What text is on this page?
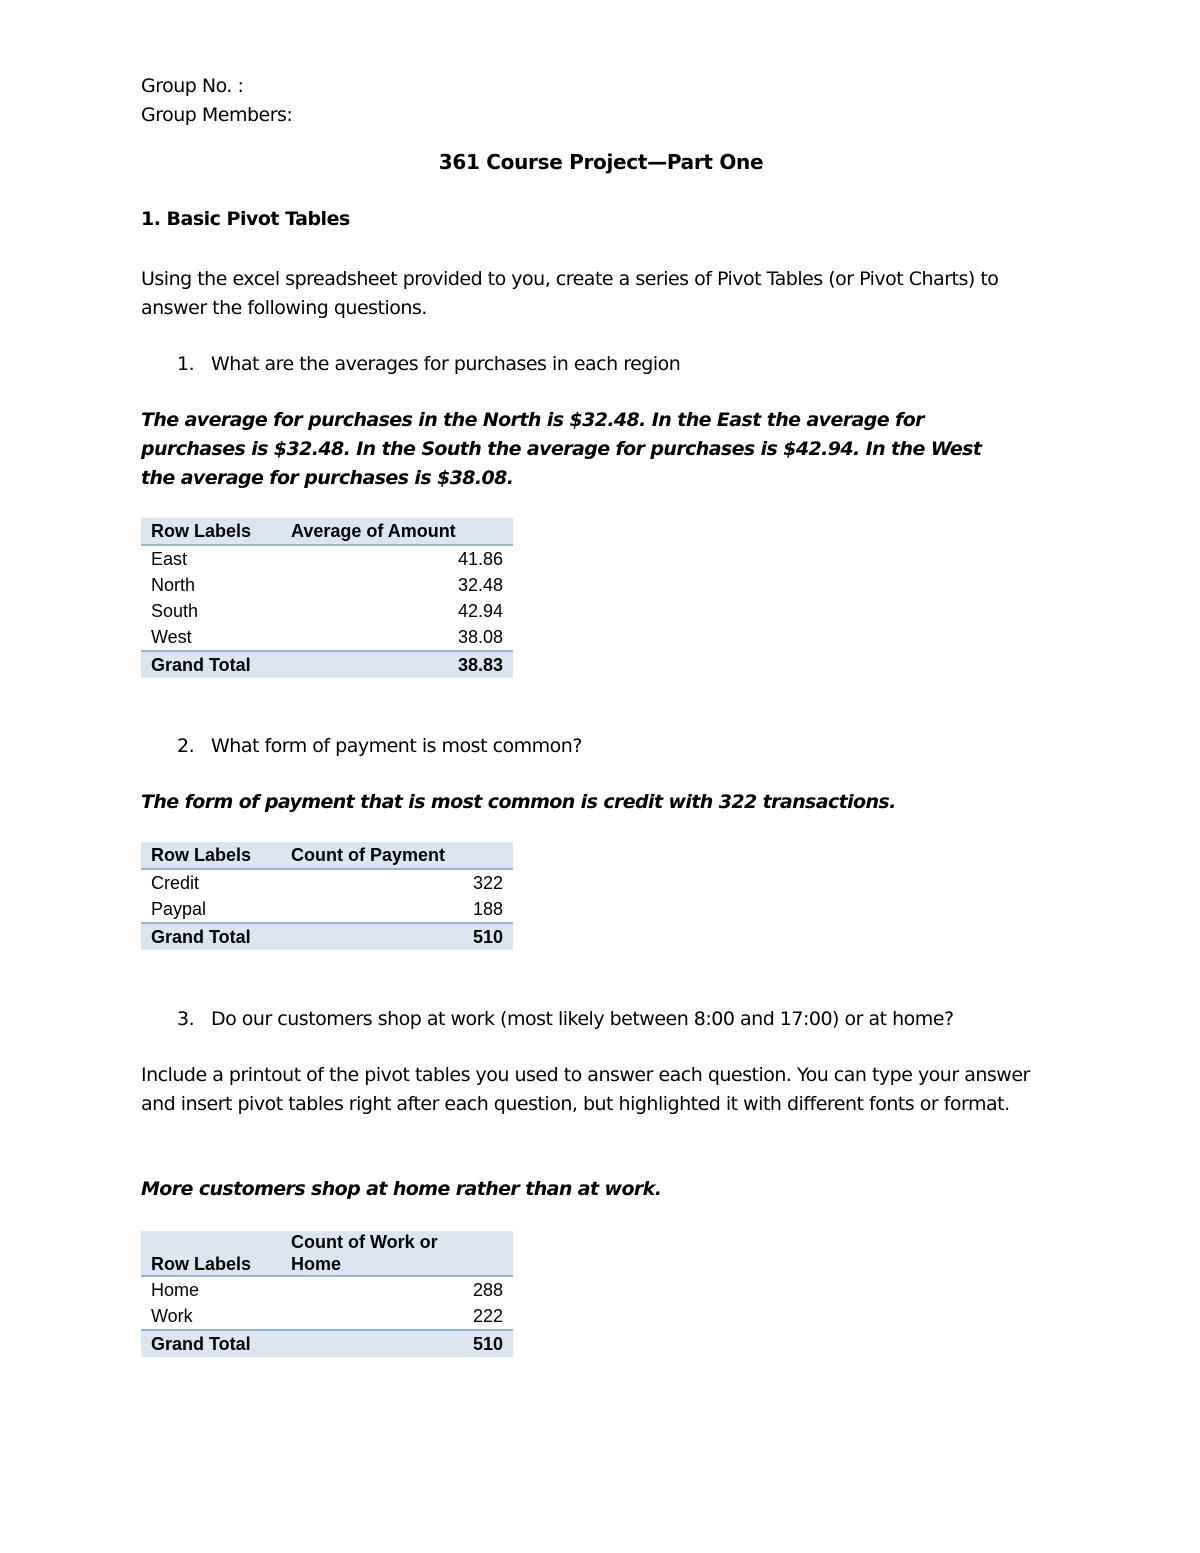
Group No. :
Group Members:
361 Course Project—Part One
1. Basic Pivot Tables
Using the excel spreadsheet provided to you, create a series of Pivot Tables (or Pivot Charts) to answer the following questions.
1. What are the averages for purchases in each region
The average for purchases in the North is $32.48. In the East the average for purchases is $32.48. In the South the average for purchases is $42.94. In the West the average for purchases is $38.08.
Row Labels	Average of Amount
East	41.86
North	32.48
South	42.94
West	38.08
Grand Total	38.83
2. What form of payment is most common?
The form of payment that is most common is credit with 322 transactions.
Row Labels	Count of Payment
Credit	322
Paypal	188
Grand Total	510
3. Do our customers shop at work (most likely between 8:00 and 17:00) or at home?
Include a printout of the pivot tables you used to answer each question. You can type your answer and insert pivot tables right after each question, but highlighted it with different fonts or format.
More customers shop at home rather than at work.
Row Labels	Count of Work or
Home
Home	288
Work	222
Grand Total	510
